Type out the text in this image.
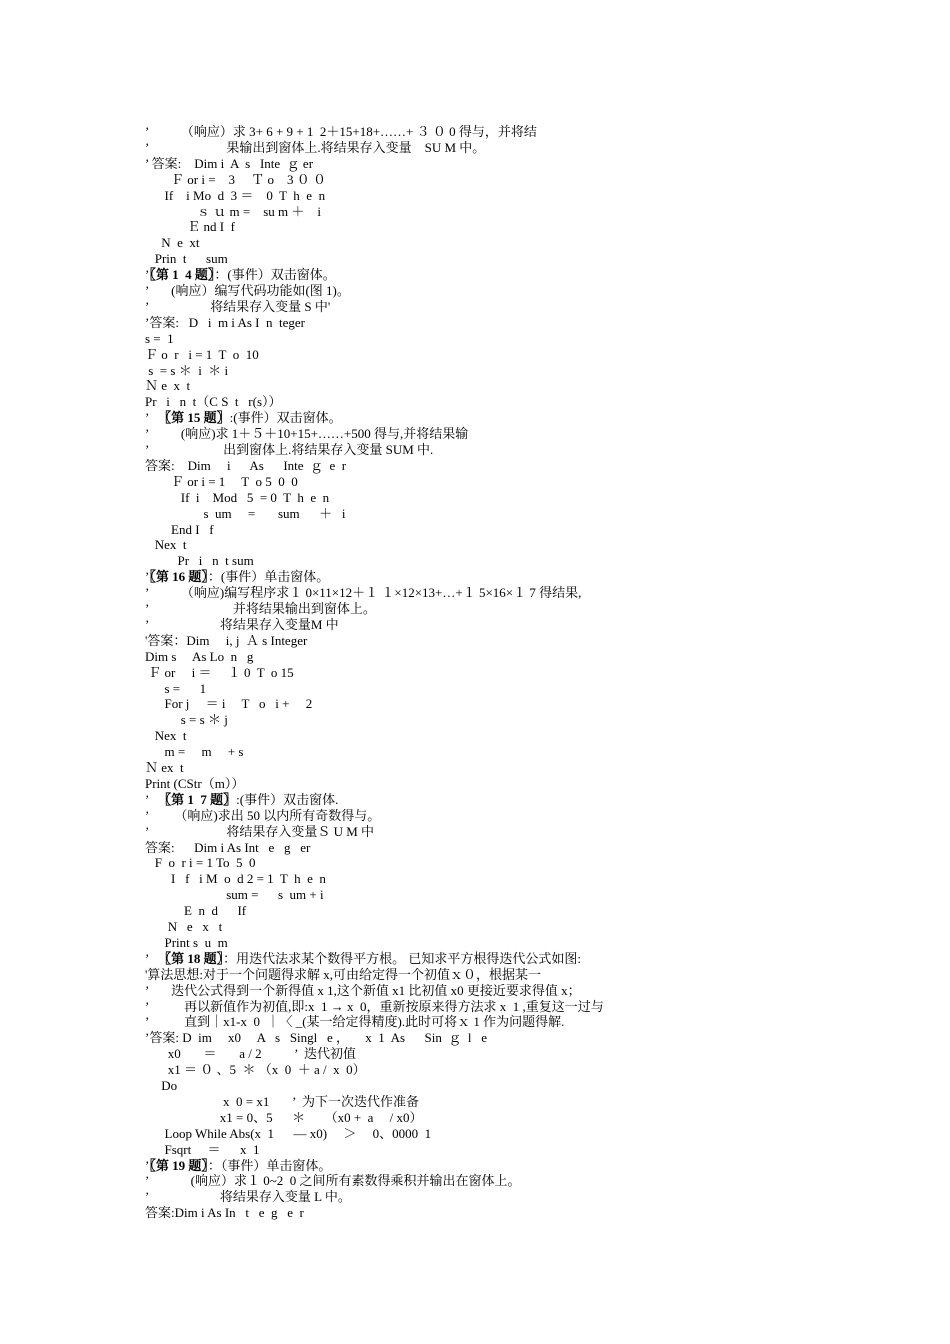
’          （响应）求 3+ 6 + 9 + 1  2＋15+18+……+ ３ ０ 0 得与，并将结
’                        果输出到窗体上.将结果存入变量    SU M 中。
’ 答案:    Dim i  A  s   Inte  ｇ er
Ｆ or i =    3     Ｔ o    3 ０ ０
If    i Mo  d  3 ＝    0  T  h  e  n
ｓ ｕ m =    su m ＋    i
Ｅ nd I  f
N  e  xt
Prin  t      sum
’〖第 1  4 题〗：(事件）双击窗体。
’       (响应）编写代码功能如(图 1)。
’                   将结果存入变量 S 中'
’答案:   D   i  m i As I  n  teger
s =  1
Ｆ o  r   i = 1  T  o  10
s  = s ＊  i  ＊ i
Ｎ e  x  t
Pr   i   n  t（C S  t   r(s））
’   〖第 15 题〗:(事件）双击窗体。
’          (响应)求 1＋５＋10+15+……+500 得与,并将结果输
’                       出到窗体上.将结果存入变量 SUM 中.
答案:    Dim     i      As      Inte  ｇ  e  r
Ｆ or i = 1     T  o 5  0  0
If  i    Mod   5  = 0  T  h  e  n
s  um     =       sum      ＋   i
End I   f
Nex  t
Pr   i   n  t sum
’〖第 16 题〗：(事件）单击窗体。
’          （响应)编写程序求１ 0×11×12＋１ １×12×13+…+１ 5×16×１ 7 得结果,
’                          并将结果输出到窗体上。
’                      将结果存入变量M 中
'答案：Dim     i, j  Ａ s Integer
Dim s     As Lo  n   g
Ｆ or     i ＝     １ 0  T  o 15
s =      1
For j     ＝ i     T   o   i +     2
s = s ＊ j
Nex  t
m =     m     + s
Ｎ ex  t
Print (CStr（m））
’   〖第 1  7 题〗:(事件）双击窗体.
’        （响应)求出 50 以内所有奇数得与。
’                        将结果存入变量Ｓ U M 中
答案:      Dim i As Int   e   g   er
F  o  r i = 1 To  5  0
I   f   i M  o  d 2 = 1  T  h  e  n
sum =      s  um + i
E  n  d      If
N   e   x   t
Print s  u  m
’   〖第 18 题〗：用迭代法求某个数得平方根。 已知求平方根得迭代公式如图:
'算法思想:对于一个问题得求解 x,可由给定得一个初值ｘ０，根据某一
’       迭代公式得到一个新得值 x 1,这个新值 x1 比初值 x0 更接近要求得值 x；
’           再以新值作为初值,即:x  1 → x  0，重新按原来得方法求 x  1 ,重复这一过与
’           直到｜x1-x  0  ｜〈 _(某一给定得精度).此时可将ｘ 1 作为问题得解.
’答案: D  im     x0     A   s   Singl   e ，     x  1  As      Sin  ｇ  l   e
x0       ＝       a / 2          ’  迭代初值
x1 ＝ ０ 、5  ＊ （x  0  ＋ a /  x  0）
Do
x  0 = x1       ’  为下一次迭代作准备
x1 = 0、5      ＊      （x0 +  a     / x0）
Loop While Abs(x  1      — x0)     ＞     0、0000  1
Fsqrt     ＝      x  1
’〖第 19 题〗：（事件）单击窗体。
’             (响应）求１ 0~2  0 之间所有素数得乘积并输出在窗体上。
’                      将结果存入变量 L 中。
答案:Dim i As In   t   e  g   e  r
